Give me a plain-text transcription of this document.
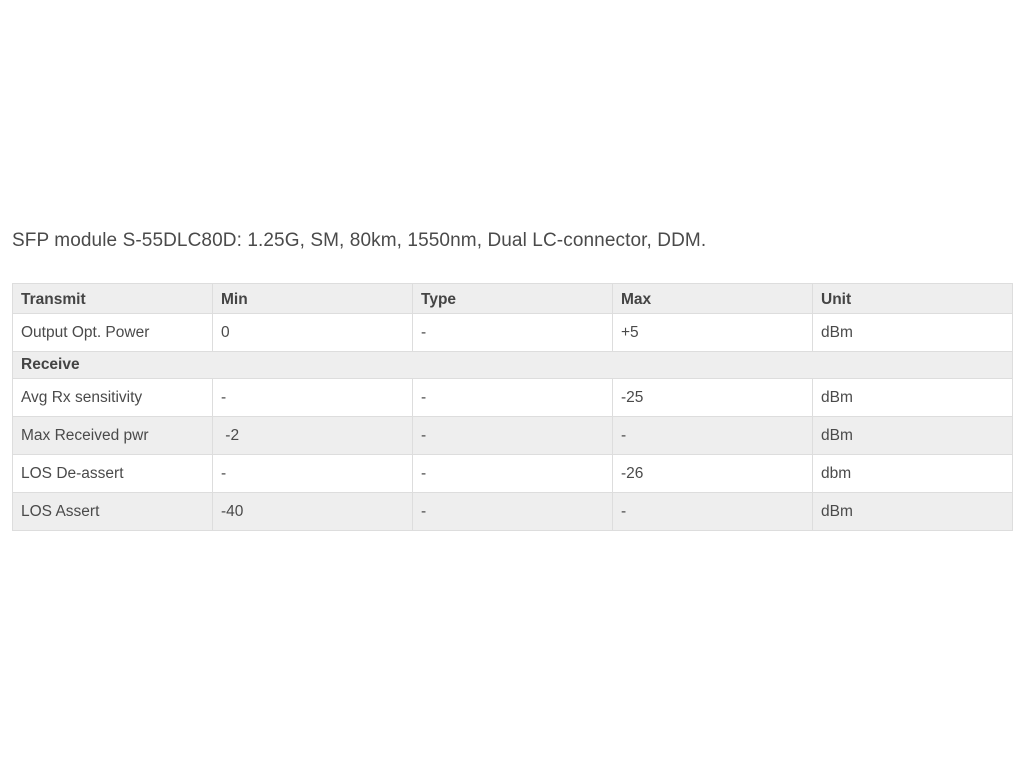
SFP module S-55DLC80D: 1.25G, SM, 80km, 1550nm, Dual LC-connector, DDM.
Transmit	Min	Type	Max	Unit
Output Opt. Power	0	-	+5	dBm
Receive				
Avg Rx sensitivity	-	-	-25	dBm
Max Received pwr	-2	-	-	dBm
LOS De-assert	-	-	-26	dbm
LOS Assert	-40	-	-	dBm
